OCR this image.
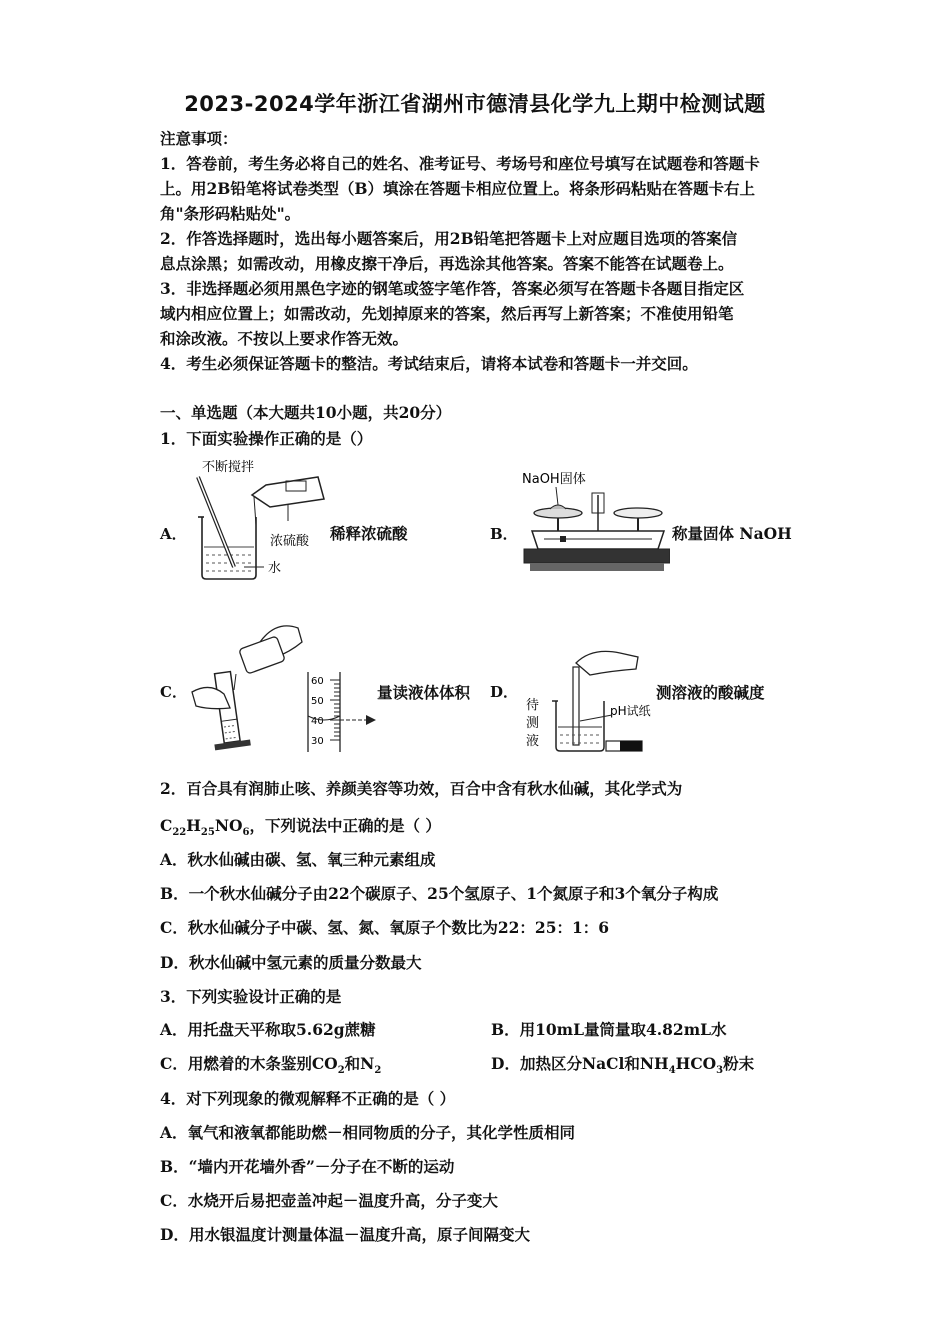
2023-2024学年浙江省湖州市德清县化学九上期中检测试题
注意事项：
1．答卷前，考生务必将自己的姓名、准考证号、考场号和座位号填写在试题卷和答题卡
上。用2B铅笔将试卷类型（B）填涂在答题卡相应位置上。将条形码粘贴在答题卡右上
角"条形码粘贴处"。
2．作答选择题时，选出每小题答案后，用2B铅笔把答题卡上对应题目选项的答案信
息点涂黑；如需改动，用橡皮擦干净后，再选涂其他答案。答案不能答在试题卷上。
3．非选择题必须用黑色字迹的钢笔或签字笔作答，答案必须写在答题卡各题目指定区
域内相应位置上；如需改动，先划掉原来的答案，然后再写上新答案；不准使用铅笔
和涂改液。不按以上要求作答无效。
4．考生必须保证答题卡的整洁。考试结束后，请将本试卷和答题卡一并交回。
一、单选题（本大题共10小题，共20分）
1．下面实验操作正确的是（）
A．
不断搅拌
浓硫酸
水
稀释浓硫酸	B．
NaOH固体
称量固体 NaOH
C．
60
50
40
30
量读液体体积 D．
待
测
液
pH试纸
测溶液的酸碱度
2．百合具有润肺止咳、养颜美容等功效，百合中含有秋水仙碱，其化学式为
$C_{22}H_{25}NO_6$，下列说法中正确的是（ ）
A．秋水仙碱由碳、氢、氧三种元素组成
B．一个秋水仙碱分子由22个碳原子、25个氢原子、1个氮原子和3个氧分子构成
C．秋水仙碱分子中碳、氢、氮、氧原子个数比为22：25：1：6
D．秋水仙碱中氢元素的质量分数最大
3．下列实验设计正确的是
A．用托盘天平称取5.62g蔗糖	B．用10mL量筒量取4.82mL水
C．用燃着的木条鉴别$CO_2$和$N_2$	D．加热区分NaCl和$NH_4HCO_3$粉末
4．对下列现象的微观解释不正确的是（ ）
A．氧气和液氧都能助燃－相同物质的分子，其化学性质相同
B．“墙内开花墙外香”－分子在不断的运动
C．水烧开后易把壶盖冲起－温度升高，分子变大
D．用水银温度计测量体温－温度升高，原子间隔变大
